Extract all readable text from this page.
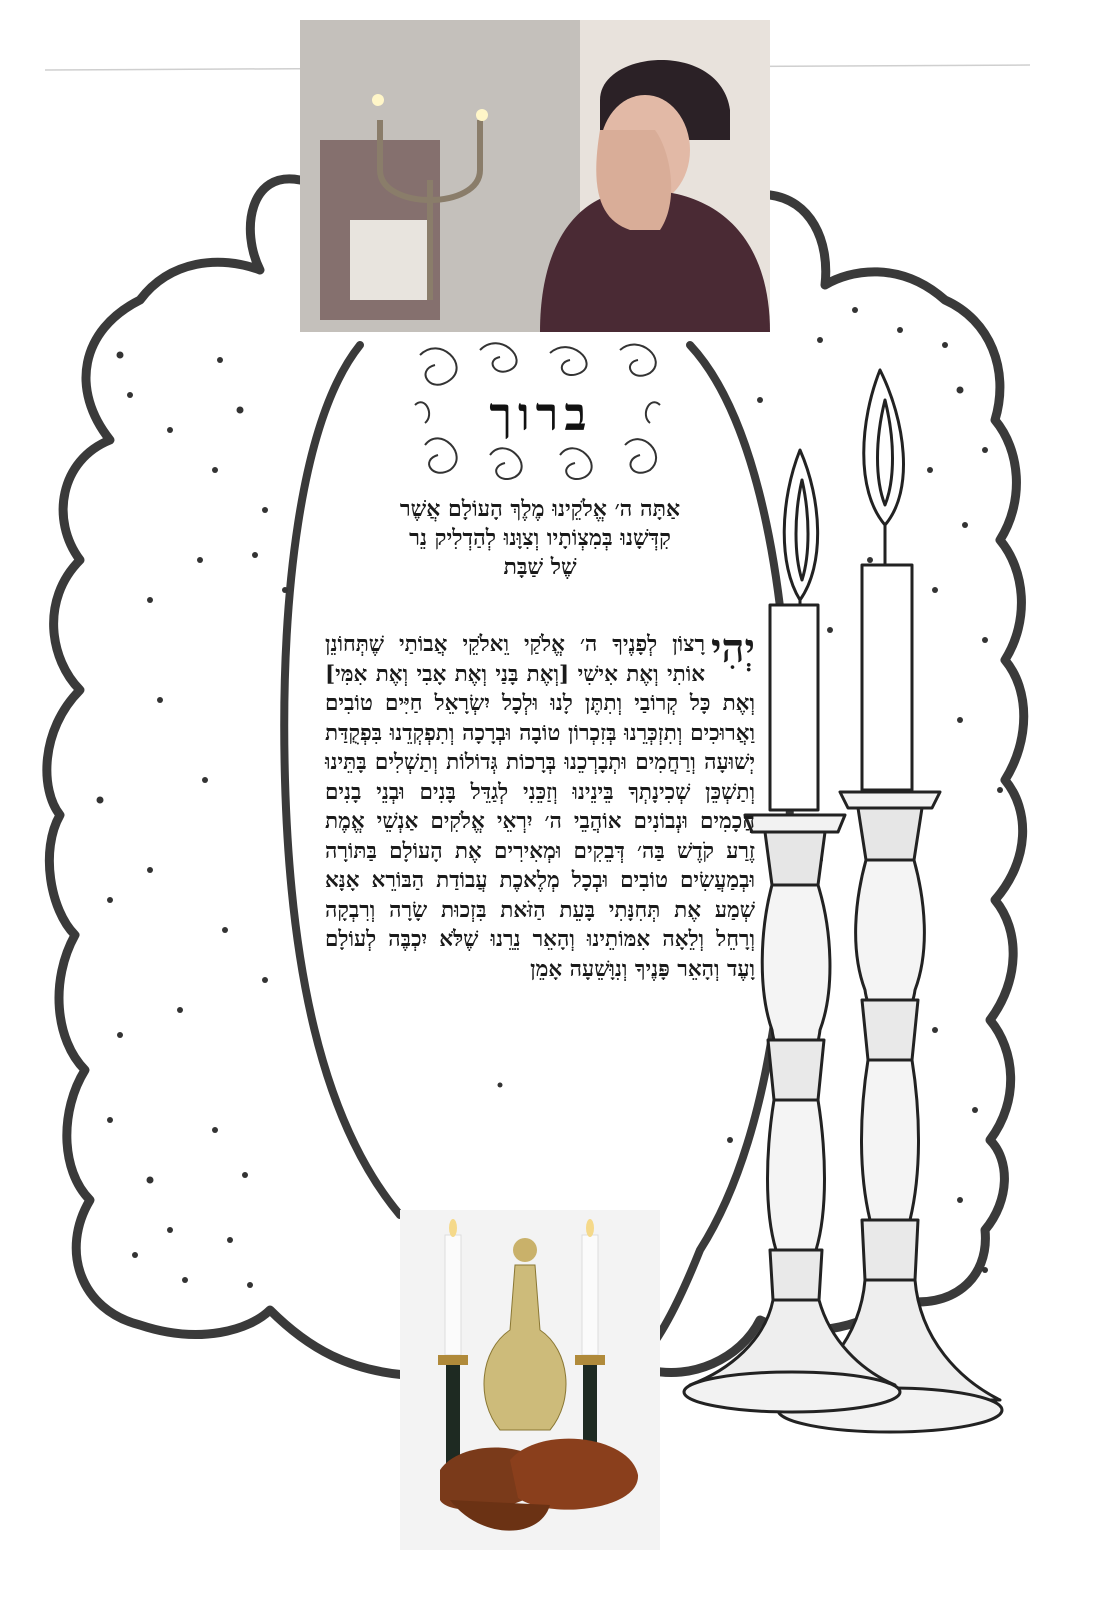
ברוך
אַתָּה ה׳ אֱלֹקֵינוּ מֶלֶךְ הָעוֹלָם אֲשֶׁר
קִדְּשָׁנוּ בְּמִצְוֹתָיו וְצִוָּנוּ לְהַדְלִיק נֵר
שֶׁל שַׁבָּת

יְהִי
רָצוֹן לְפָנֶיךָ ה׳ אֱלֹקַי וֵאלֹקֵי אֲבוֹתַי שֶׁתְּחוֹנֵן אוֹתִי וְאֶת אִישִׁי [וְאֶת בָּנַי וְאֶת אָבִי וְאֶת אִמִּי] וְאֶת כָּל קְרוֹבַי וְתִתֶּן לָנוּ וּלְכָל יִשְׂרָאֵל חַיִּים טוֹבִים וַאֲרוּכִים וְתִזְכְּרֵנוּ בְּזִכְרוֹן טוֹבָה וּבְרָכָה וְתִפְקְדֵנוּ בִּפְקֻדַּת יְשׁוּעָה וְרַחֲמִים וּתְבָרְכֵנוּ בְּרָכוֹת גְּדוֹלוֹת וְתַשְׁלִים בָּתֵּינוּ וְתַשְׁכֵּן שְׁכִינָתְךָ בֵּינֵינוּ וְזַכֵּנִי לְגַדֵּל בָּנִים וּבְנֵי בָנִים חֲכָמִים וּנְבוֹנִים אוֹהֲבֵי ה׳ יִרְאֵי אֱלֹקִים אַנְשֵׁי אֱמֶת זֶרַע קֹדֶשׁ בַּה׳ דְּבֵקִים וּמְאִירִים אֶת הָעוֹלָם בַּתּוֹרָה וּבְמַעֲשִׂים טוֹבִים וּבְכָל מְלֶאכֶת עֲבוֹדַת הַבּוֹרֵא אָנָּא שְׁמַע אֶת תְּחִנָּתִי בָּעֵת הַזֹּאת בִּזְכוּת שָׂרָה וְרִבְקָה וְרָחֵל וְלֵאָה אִמּוֹתֵינוּ וְהָאֵר נֵרֵנוּ שֶׁלֹּא יִכְבֶּה לְעוֹלָם וָעֶד וְהָאֵר פָּנֶיךָ וְנִוָּשֵׁעָה אָמֵן
